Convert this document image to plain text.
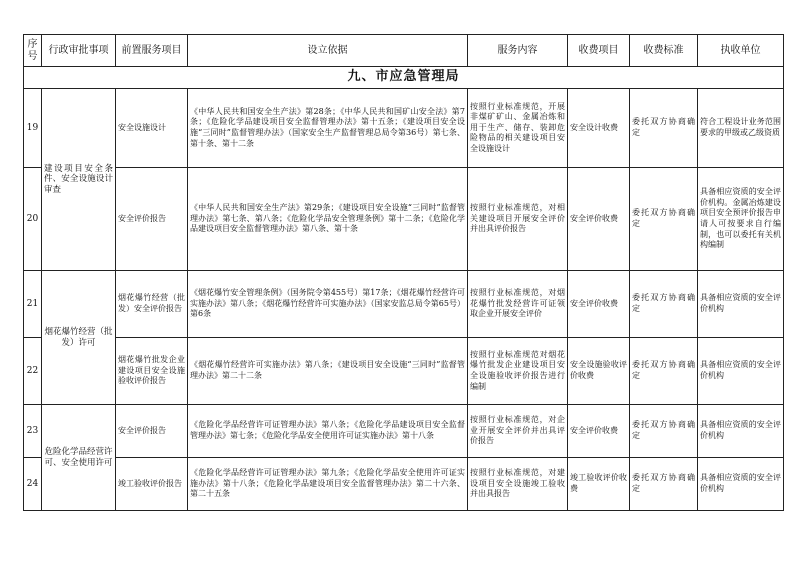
序号	行政审批事项	前置服务项目	设立依据	服务内容	收费项目	收费标准	执收单位
九、市应急管理局							
19	建设项目安全条件、安全设施设计审查	安全设施设计	《中华人民共和国安全生产法》第28条；《中华人民共和国矿山安全法》第7条；《危险化学品建设项目安全监督管理办法》第十五条；《建设项目安全设施“三同时”监督管理办法》（国家安全生产监督管理总局令第36号）第七条、第十条、第十二条	按照行业标准规范，开展非煤矿矿山、金属冶炼和用于生产、储存、装卸危险物品的相关建设项目安全设施设计	安全设计收费	委托双方协商确定	符合工程设计业务范围要求的甲级或乙级资质
20		安全评价报告	《中华人民共和国安全生产法》第29条；《建设项目安全设施“三同时”监督管理办法》第七条、第八条；《危险化学品安全管理条例》第十二条；《危险化学品建设项目安全监督管理办法》第八条、第十条	按照行业标准规范，对相关建设项目开展安全评价并出具评价报告	安全评价收费	委托双方协商确定	具备相应资质的安全评价机构。金属冶炼建设项目安全预评价报告申请人可按要求自行编制，也可以委托有关机构编制
21	烟花爆竹经营（批发）许可	烟花爆竹经营（批发）安全评价报告	《烟花爆竹安全管理条例》（国务院令第455号）第17条；《烟花爆竹经营许可实施办法》第八条；《烟花爆竹经营许可实施办法》（国家安监总局令第65号）第6条	按照行业标准规范，对烟花爆竹批发经营许可证领取企业开展安全评价	安全评价收费	委托双方协商确定	具备相应资质的安全评价机构
22		烟花爆竹批发企业建设项目安全设施验收评价报告	《烟花爆竹经营许可实施办法》第八条；《建设项目安全设施“三同时”监督管理办法》第二十二条	按照行业标准规范对烟花爆竹批发企业建设项目安全设施验收评价报告进行编制	安全设施验收评价收费	委托双方协商确定	具备相应资质的安全评价机构
23	危险化学品经营许可、安全使用许可	安全评价报告	《危险化学品经营许可证管理办法》第八条；《危险化学品建设项目安全监督管理办法》第七条；《危险化学品安全使用许可证实施办法》第十八条	按照行业标准规范，对企业开展安全评价并出具评价报告	安全评价收费	委托双方协商确定	具备相应资质的安全评价机构
24		竣工验收评价报告	《危险化学品经营许可证管理办法》第九条；《危险化学品安全使用许可证实施办法》第十八条；《危险化学品建设项目安全监督管理办法》第二十六条、第二十五条	按照行业标准规范，对建设项目安全设施竣工验收并出具报告	竣工验收评价收费	委托双方协商确定	具备相应资质的安全评价机构
